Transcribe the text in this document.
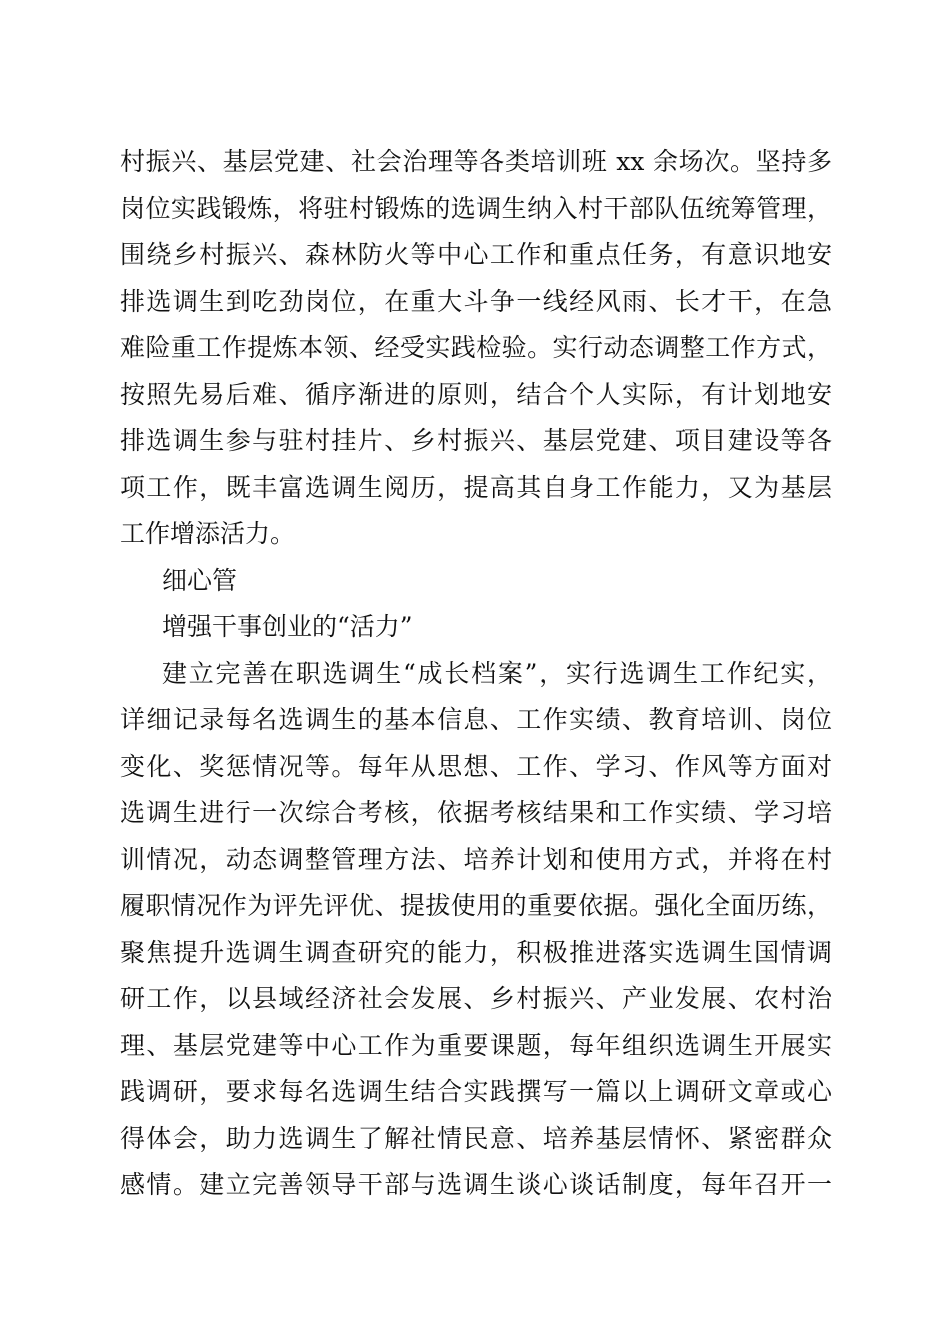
村振兴、基层党建、社会治理等各类培训班 xx 余场次。坚持多
岗位实践锻炼，将驻村锻炼的选调生纳入村干部队伍统筹管理，
围绕乡村振兴、森林防火等中心工作和重点任务，有意识地安
排选调生到吃劲岗位，在重大斗争一线经风雨、长才干，在急
难险重工作提炼本领、经受实践检验。实行动态调整工作方式，
按照先易后难、循序渐进的原则，结合个人实际，有计划地安
排选调生参与驻村挂片、乡村振兴、基层党建、项目建设等各
项工作，既丰富选调生阅历，提高其自身工作能力，又为基层
工作增添活力。
细心管
增强干事创业的“活力”
建立完善在职选调生“成长档案”，实行选调生工作纪实，
详细记录每名选调生的基本信息、工作实绩、教育培训、岗位
变化、奖惩情况等。每年从思想、工作、学习、作风等方面对
选调生进行一次综合考核，依据考核结果和工作实绩、学习培
训情况，动态调整管理方法、培养计划和使用方式，并将在村
履职情况作为评先评优、提拔使用的重要依据。强化全面历练，
聚焦提升选调生调查研究的能力，积极推进落实选调生国情调
研工作，以县域经济社会发展、乡村振兴、产业发展、农村治
理、基层党建等中心工作为重要课题，每年组织选调生开展实
践调研，要求每名选调生结合实践撰写一篇以上调研文章或心
得体会，助力选调生了解社情民意、培养基层情怀、紧密群众
感情。建立完善领导干部与选调生谈心谈话制度，每年召开一
